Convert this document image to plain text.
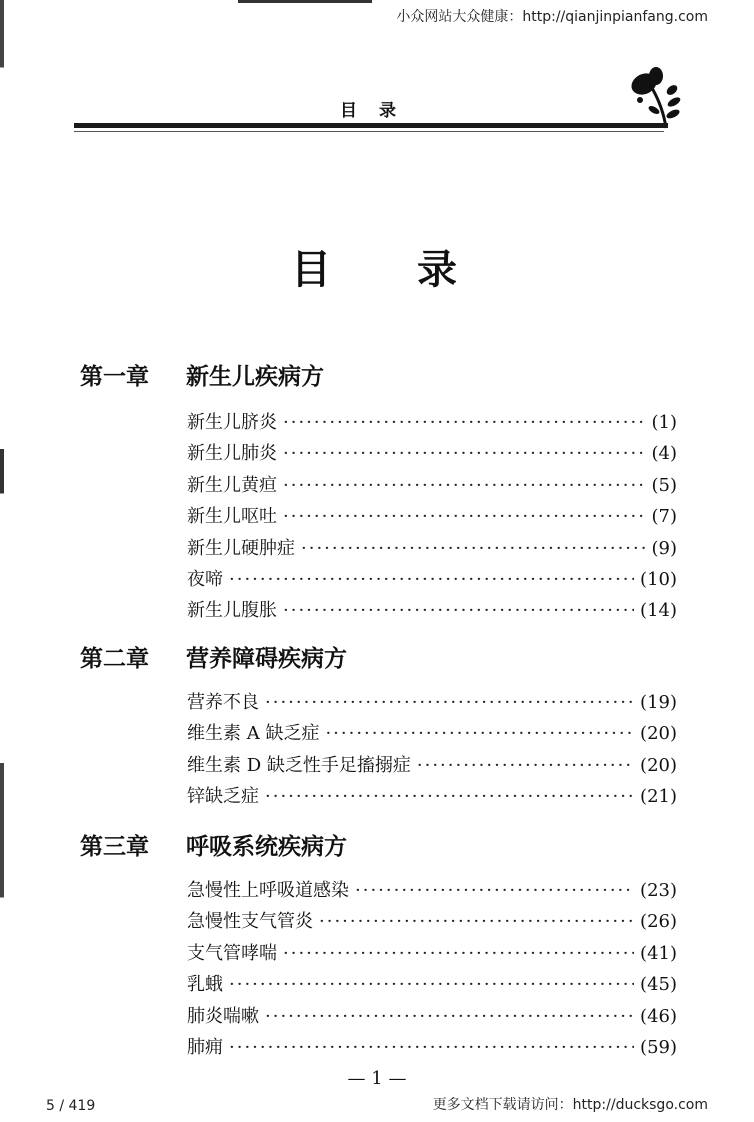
小众网站大众健康：http://qianjinpianfang.com
目录
目 录
第一章 新生儿疾病方
新生儿脐炎 ·····	(1)
新生儿肺炎 ·····	(4)
新生儿黄疸 ·····	(5)
新生儿呕吐 ·····	(7)
新生儿硬肿症 ·····	(9)
夜啼 ·····	(10)
新生儿腹胀 ·····	(14)
第二章 营养障碍疾病方
营养不良 ·····	(19)
维生素 A 缺乏症 ·····	(20)
维生素 D 缺乏性手足搐搦症 ·····	(20)
锌缺乏症 ·····	(21)
第三章 呼吸系统疾病方
急慢性上呼吸道感染 ·····	(23)
急慢性支气管炎 ·····	(26)
支气管哮喘 ·····	(41)
乳蛾 ·····	(45)
肺炎喘嗽 ·····	(46)
肺痈 ·····	(59)
— 1 —
5 / 419	更多文档下载请访问：http://ducksgo.com
